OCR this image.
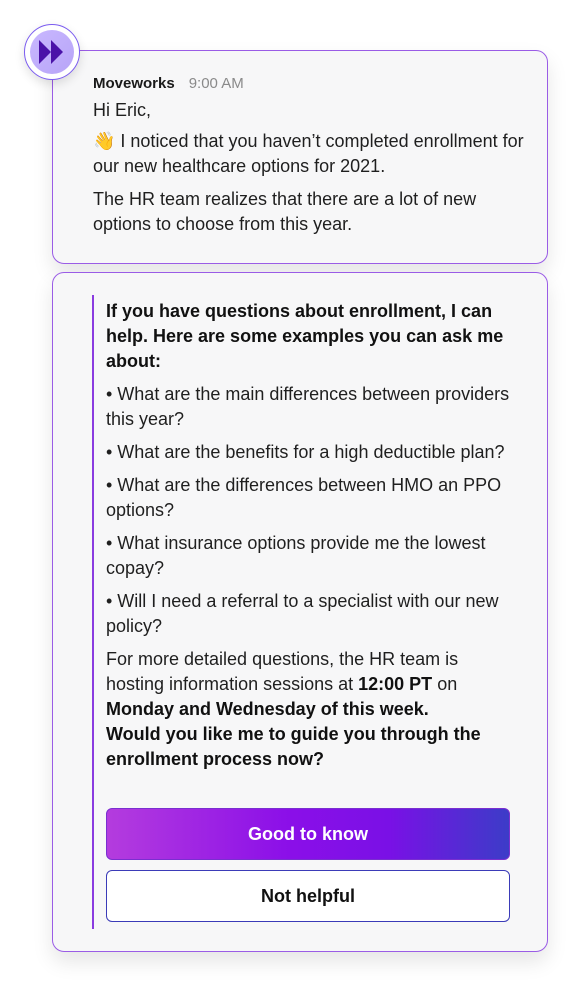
Moveworks 9:00 AM

Hi Eric,

👋 I noticed that you haven’t completed enrollment for our new healthcare options for 2021.

The HR team realizes that there are a lot of new options to choose from this year.

If you have questions about enrollment, I can help. Here are some examples you can ask me about:

• What are the main differences between providers this year?

• What are the benefits for a high deductible plan?

• What are the differences between HMO an PPO options?

• What insurance options provide me the lowest copay?

• Will I need a referral to a specialist with our new policy?

For more detailed questions, the HR team is hosting information sessions at 12:00 PT on Monday and Wednesday of this week.

Would you like me to guide you through the enrollment process now?

Good to know
Not helpful
